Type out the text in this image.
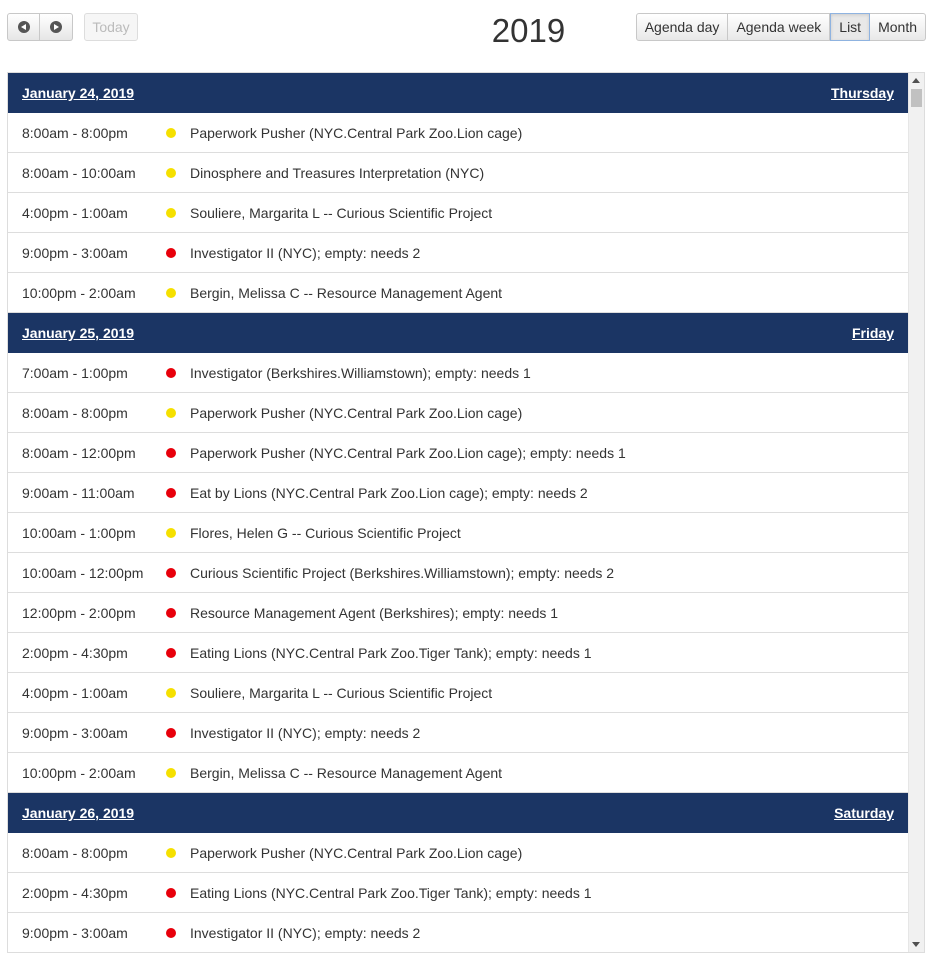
Today	2019	Agenda day	Agenda week	List	Month
January 24, 2019	Thursday
8:00am - 8:00pm	Paperwork Pusher (NYC.Central Park Zoo.Lion cage)
8:00am - 10:00am	Dinosphere and Treasures Interpretation (NYC)
4:00pm - 1:00am	Souliere, Margarita L -- Curious Scientific Project
9:00pm - 3:00am	Investigator II (NYC); empty: needs 2
10:00pm - 2:00am	Bergin, Melissa C -- Resource Management Agent
January 25, 2019	Friday
7:00am - 1:00pm	Investigator (Berkshires.Williamstown); empty: needs 1
8:00am - 8:00pm	Paperwork Pusher (NYC.Central Park Zoo.Lion cage)
8:00am - 12:00pm	Paperwork Pusher (NYC.Central Park Zoo.Lion cage); empty: needs 1
9:00am - 11:00am	Eat by Lions (NYC.Central Park Zoo.Lion cage); empty: needs 2
10:00am - 1:00pm	Flores, Helen G -- Curious Scientific Project
10:00am - 12:00pm	Curious Scientific Project (Berkshires.Williamstown); empty: needs 2
12:00pm - 2:00pm	Resource Management Agent (Berkshires); empty: needs 1
2:00pm - 4:30pm	Eating Lions (NYC.Central Park Zoo.Tiger Tank); empty: needs 1
4:00pm - 1:00am	Souliere, Margarita L -- Curious Scientific Project
9:00pm - 3:00am	Investigator II (NYC); empty: needs 2
10:00pm - 2:00am	Bergin, Melissa C -- Resource Management Agent
January 26, 2019	Saturday
8:00am - 8:00pm	Paperwork Pusher (NYC.Central Park Zoo.Lion cage)
2:00pm - 4:30pm	Eating Lions (NYC.Central Park Zoo.Tiger Tank); empty: needs 1
9:00pm - 3:00am	Investigator II (NYC); empty: needs 2
